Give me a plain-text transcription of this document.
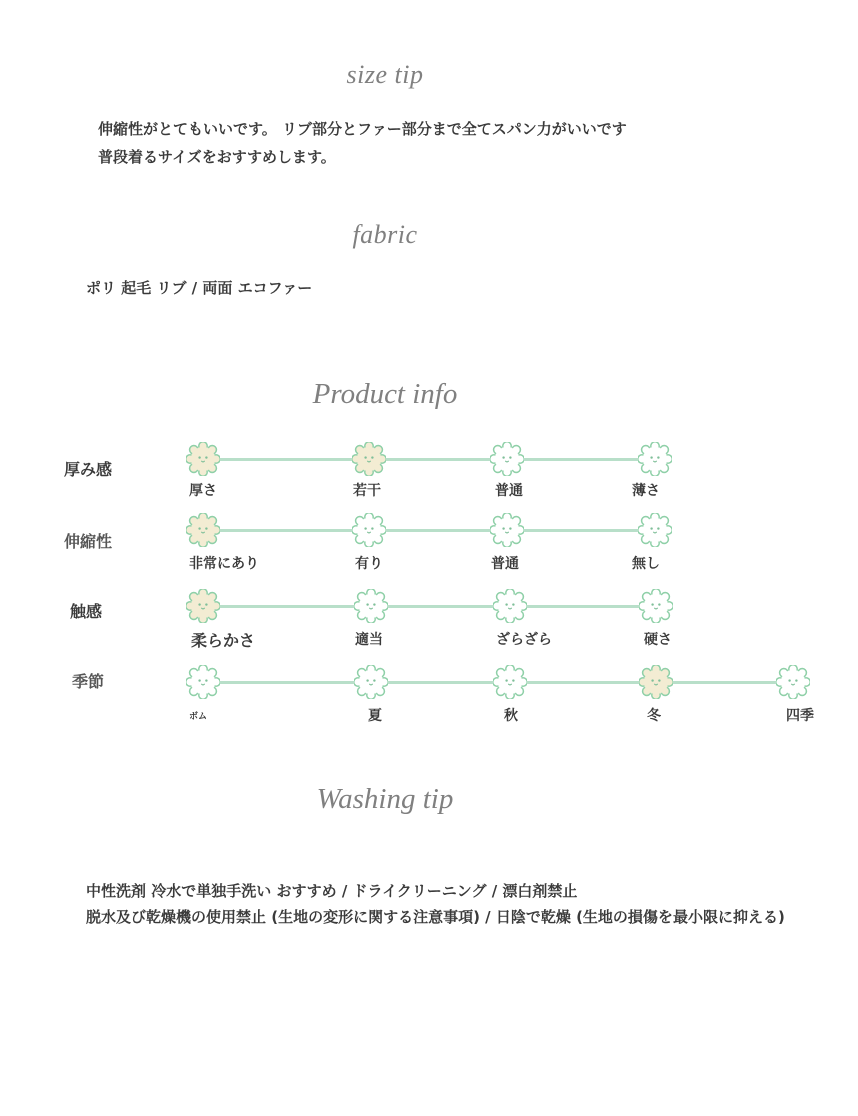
size tip
伸縮性がとてもいいです。 リブ部分とファー部分まで全てスパン力がいいです
普段着るサイズをおすすめします。
fabric
ポリ 起毛 リブ / 両面 エコファー
Product info
厚み感
厚さ	若干	普通	薄さ
伸縮性
非常にあり	有り	普通	無し
触感
柔らかさ	適当	ざらざら	硬さ
季節
ボム	夏	秋	冬	四季
Washing tip
中性洗剤 冷水で単独手洗い おすすめ / ドライクリーニング / 漂白剤禁止
脱水及び乾燥機の使用禁止 (生地の変形に関する注意事項) / 日陰で乾燥 (生地の損傷を最小限に抑える)
